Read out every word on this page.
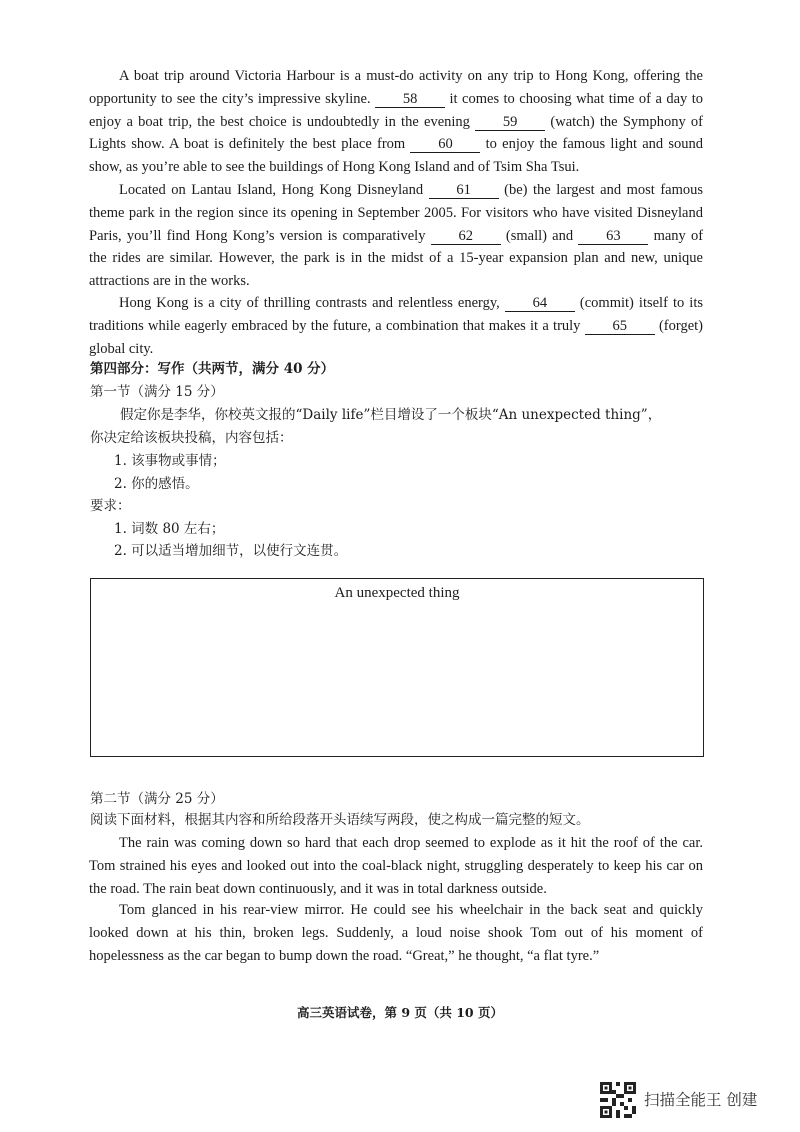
A boat trip around Victoria Harbour is a must-do activity on any trip to Hong Kong, offering the opportunity to see the city’s impressive skyline. 58 it comes to choosing what time of a day to enjoy a boat trip, the best choice is undoubtedly in the evening 59 (watch) the Symphony of Lights show. A boat is definitely the best place from 60 to enjoy the famous light and sound show, as you’re able to see the buildings of Hong Kong Island and of Tsim Sha Tsui.

Located on Lantau Island, Hong Kong Disneyland 61 (be) the largest and most famous theme park in the region since its opening in September 2005. For visitors who have visited Disneyland Paris, you’ll find Hong Kong’s version is comparatively 62 (small) and 63 many of the rides are similar. However, the park is in the midst of a 15-year expansion plan and new, unique attractions are in the works.

Hong Kong is a city of thrilling contrasts and relentless energy, 64 (commit) itself to its traditions while eagerly embraced by the future, a combination that makes it a truly 65 (forget) global city.

第四部分：写作（共两节，满分 40 分）

第一节（满分 15 分）

假定你是李华，你校英文报的“Daily life”栏目增设了一个板块“An unexpected thing”，

你决定给该板块投稿，内容包括：

1. 该事物或事情；

2. 你的感悟。

要求：

1. 词数 80 左右；

2. 可以适当增加细节，以使行文连贯。

An unexpected thing

第二节（满分 25 分）

阅读下面材料，根据其内容和所给段落开头语续写两段，使之构成一篇完整的短文。

The rain was coming down so hard that each drop seemed to explode as it hit the roof of the car. Tom strained his eyes and looked out into the coal-black night, struggling desperately to keep his car on the road. The rain beat down continuously, and it was in total darkness outside.

Tom glanced in his rear-view mirror. He could see his wheelchair in the back seat and quickly looked down at his thin, broken legs. Suddenly, a loud noise shook Tom out of his moment of hopelessness as the car began to bump down the road. “Great,” he thought, “a flat tyre.”

高三英语试卷，第 9 页（共 10 页）
扫描全能王 创建
